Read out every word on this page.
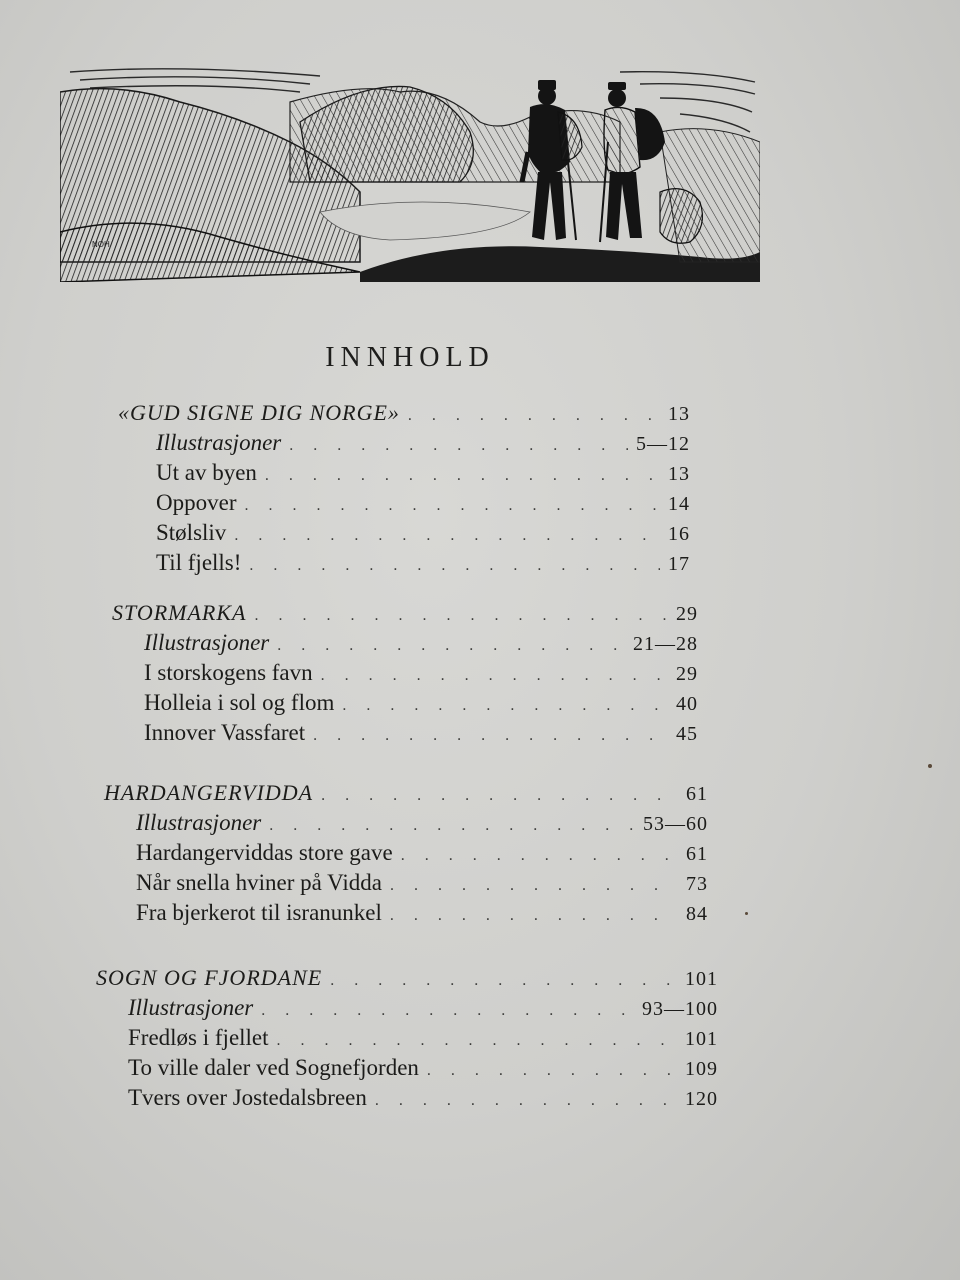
NOH
INNHOLD
«GUD SIGNE DIG NORGE» . . .	13
Illustrasjoner . . .	5—12
Ut av byen . . .	13
Oppover . . .	14
Stølsliv . . .	16
Til fjells! . . .	17
STORMARKA . . .	29
Illustrasjoner . . .	21—28
I storskogens favn . . .	29
Holleia i sol og flom . . .	40
Innover Vassfaret . . .	45
HARDANGERVIDDA . . .	61
Illustrasjoner . . .	53—60
Hardangerviddas store gave . . .	61
Når snella hviner på Vidda . . .	73
Fra bjerkerot til isranunkel . . .	84
SOGN OG FJORDANE . . .	101
Illustrasjoner . . .	93—100
Fredløs i fjellet . . .	101
To ville daler ved Sognefjorden . . .	109
Tvers over Jostedalsbreen . . .	120
